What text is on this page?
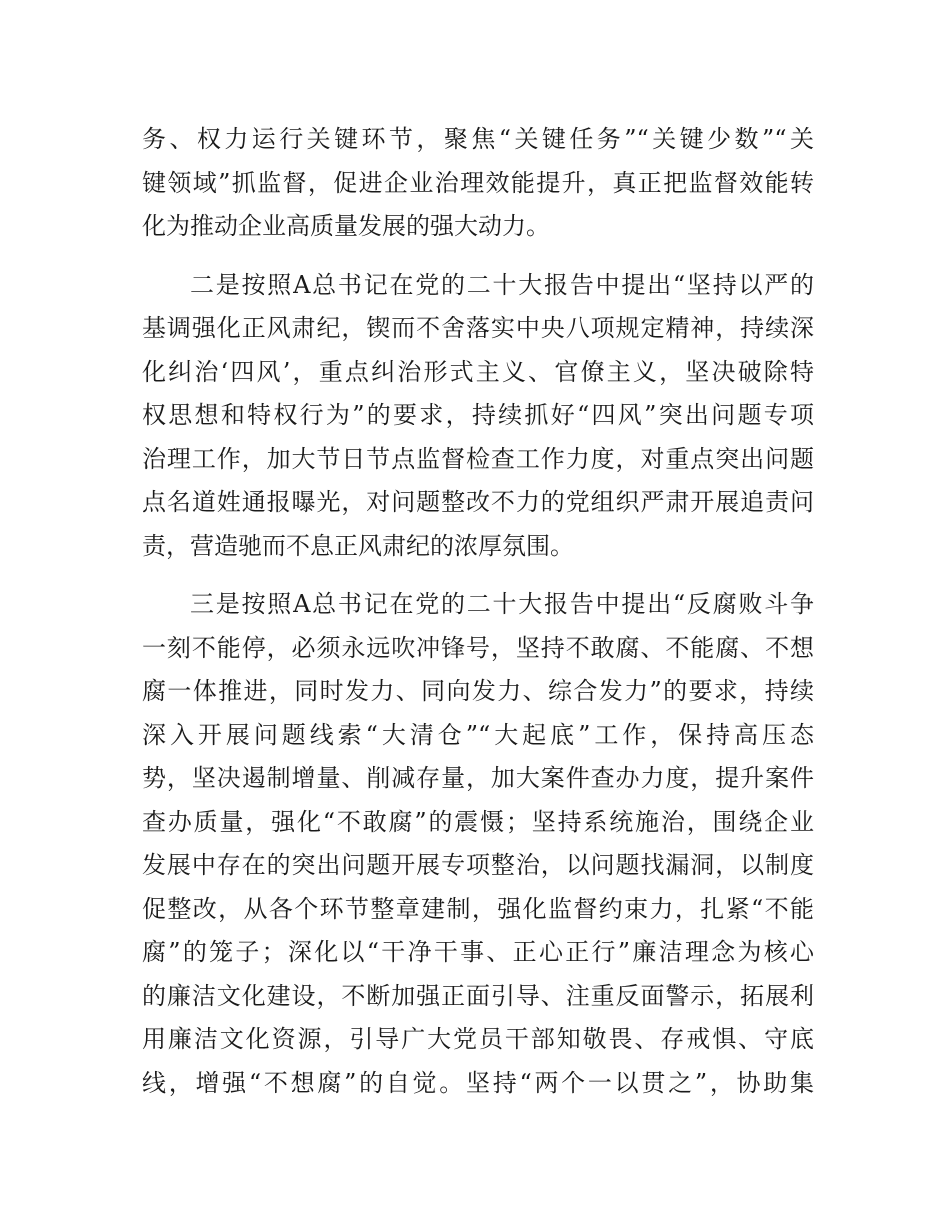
务、权力运行关键环节，聚焦“关键任务”“关键少数”“关
键领域”抓监督，促进企业治理效能提升，真正把监督效能转
化为推动企业高质量发展的强大动力。
二是按照A总书记在党的二十大报告中提出“坚持以严的
基调强化正风肃纪，锲而不舍落实中央八项规定精神，持续深
化纠治‘四风’，重点纠治形式主义、官僚主义，坚决破除特
权思想和特权行为”的要求，持续抓好“四风”突出问题专项
治理工作，加大节日节点监督检查工作力度，对重点突出问题
点名道姓通报曝光，对问题整改不力的党组织严肃开展追责问
责，营造驰而不息正风肃纪的浓厚氛围。
三是按照A总书记在党的二十大报告中提出“反腐败斗争
一刻不能停，必须永远吹冲锋号，坚持不敢腐、不能腐、不想
腐一体推进，同时发力、同向发力、综合发力”的要求，持续
深入开展问题线索“大清仓”“大起底”工作，保持高压态
势，坚决遏制增量、削减存量，加大案件查办力度，提升案件
查办质量，强化“不敢腐”的震慑；坚持系统施治，围绕企业
发展中存在的突出问题开展专项整治，以问题找漏洞，以制度
促整改，从各个环节整章建制，强化监督约束力，扎紧“不能
腐”的笼子；深化以“干净干事、正心正行”廉洁理念为核心
的廉洁文化建设，不断加强正面引导、注重反面警示，拓展利
用廉洁文化资源，引导广大党员干部知敬畏、存戒惧、守底
线，增强“不想腐”的自觉。坚持“两个一以贯之”，协助集
